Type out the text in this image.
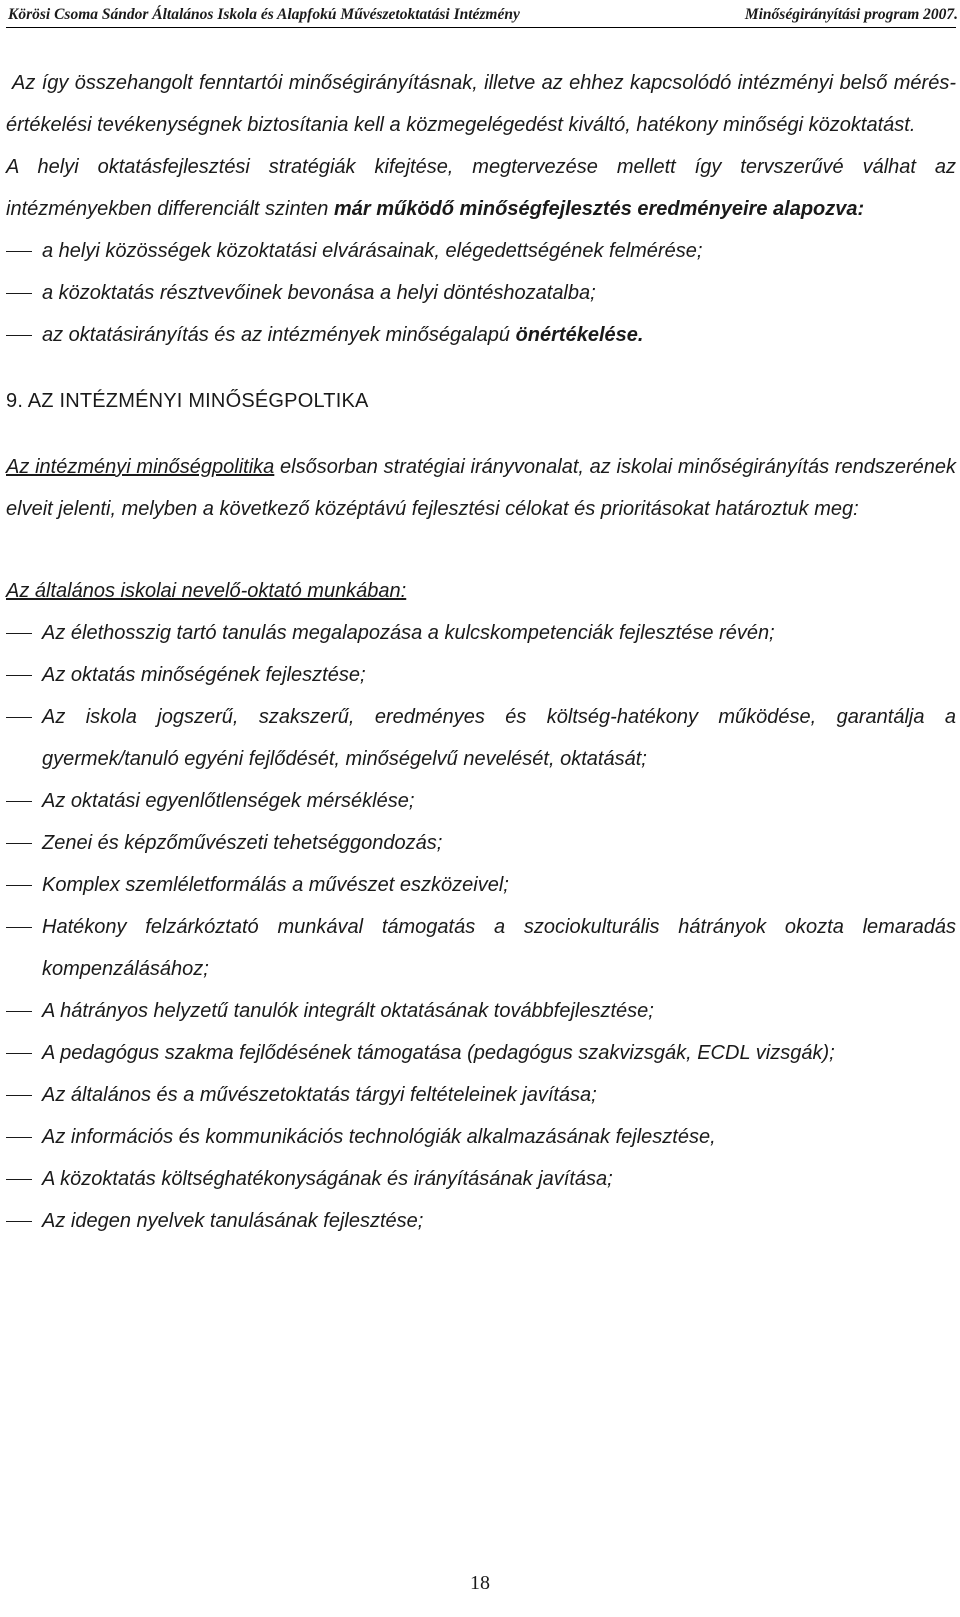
Körösi Csoma Sándor Általános Iskola és Alapfokú Művészetoktatási Intézmény	Minőségirányítási program 2007.

Az így összehangolt fenntartói minőségirányításnak, illetve az ehhez kapcsolódó intézményi belső mérés-értékelési tevékenységnek biztosítania kell a közmegelégedést kiváltó, hatékony minőségi közoktatást.

A helyi oktatásfejlesztési stratégiák kifejtése, megtervezése mellett így tervszerűvé válhat az intézményekben differenciált szinten már működő minőségfejlesztés eredményeire alapozva:

a helyi közösségek közoktatási elvárásainak, elégedettségének felmérése;
a közoktatás résztvevőinek bevonása a helyi döntéshozatalba;
az oktatásirányítás és az intézmények minőségalapú önértékelése.

9. AZ INTÉZMÉNYI MINŐSÉGPOLTIKA

Az intézményi minőségpolitika elsősorban stratégiai irányvonalat, az iskolai minőségirányítás rendszerének elveit jelenti, melyben a következő középtávú fejlesztési célokat és prioritásokat határoztuk meg:

Az általános iskolai nevelő-oktató munkában:

Az élethosszig tartó tanulás megalapozása a kulcskompetenciák fejlesztése révén;
Az oktatás minőségének fejlesztése;
Az iskola jogszerű, szakszerű, eredményes és költség-hatékony működése, garantálja a gyermek/tanuló egyéni fejlődését, minőségelvű nevelését, oktatását;
Az oktatási egyenlőtlenségek mérséklése;
Zenei és képzőművészeti tehetséggondozás;
Komplex szemléletformálás a művészet eszközeivel;
Hatékony felzárkóztató munkával támogatás a szociokulturális hátrányok okozta lemaradás kompenzálásához;
A hátrányos helyzetű tanulók integrált oktatásának továbbfejlesztése;
A pedagógus szakma fejlődésének támogatása (pedagógus szakvizsgák, ECDL vizsgák);
Az általános és a művészetoktatás tárgyi feltételeinek javítása;
Az információs és kommunikációs technológiák alkalmazásának fejlesztése,
A közoktatás költséghatékonyságának és irányításának javítása;
Az idegen nyelvek tanulásának fejlesztése;
18
